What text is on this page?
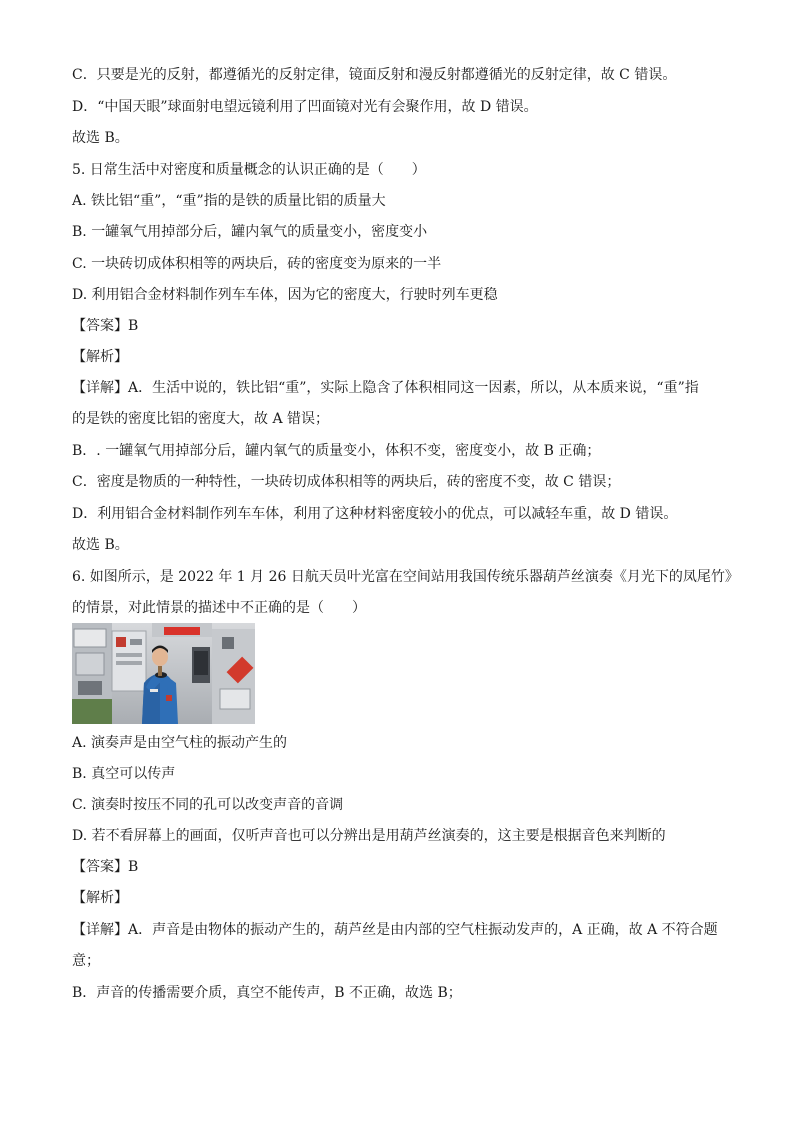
C．只要是光的反射，都遵循光的反射定律，镜面反射和漫反射都遵循光的反射定律，故 C 错误。
D．“中国天眼”球面射电望远镜利用了凹面镜对光有会聚作用，故 D 错误。
故选 B。
5. 日常生活中对密度和质量概念的认识正确的是（　　）
A. 铁比铝“重”，“重”指的是铁的质量比铝的质量大
B. 一罐氧气用掉部分后，罐内氧气的质量变小，密度变小
C. 一块砖切成体积相等的两块后，砖的密度变为原来的一半
D. 利用铝合金材料制作列车车体，因为它的密度大，行驶时列车更稳
【答案】B
【解析】
【详解】A．生活中说的，铁比铝“重”，实际上隐含了体积相同这一因素，所以，从本质来说，“重”指
的是铁的密度比铝的密度大，故 A 错误；
B．. 一罐氧气用掉部分后，罐内氧气的质量变小，体积不变，密度变小，故 B 正确；
C．密度是物质的一种特性，一块砖切成体积相等的两块后，砖的密度不变，故 C 错误；
D．利用铝合金材料制作列车车体，利用了这种材料密度较小的优点，可以减轻车重，故 D 错误。
故选 B。
6. 如图所示，是 2022 年 1 月 26 日航天员叶光富在空间站用我国传统乐器葫芦丝演奏《月光下的凤尾竹》
的情景，对此情景的描述中不正确的是（　　）
A. 演奏声是由空气柱的振动产生的
B. 真空可以传声
C. 演奏时按压不同的孔可以改变声音的音调
D. 若不看屏幕上的画面，仅听声音也可以分辨出是用葫芦丝演奏的，这主要是根据音色来判断的
【答案】B
【解析】
【详解】A．声音是由物体的振动产生的，葫芦丝是由内部的空气柱振动发声的，A 正确，故 A 不符合题
意；
B．声音的传播需要介质，真空不能传声，B 不正确，故选 B；
